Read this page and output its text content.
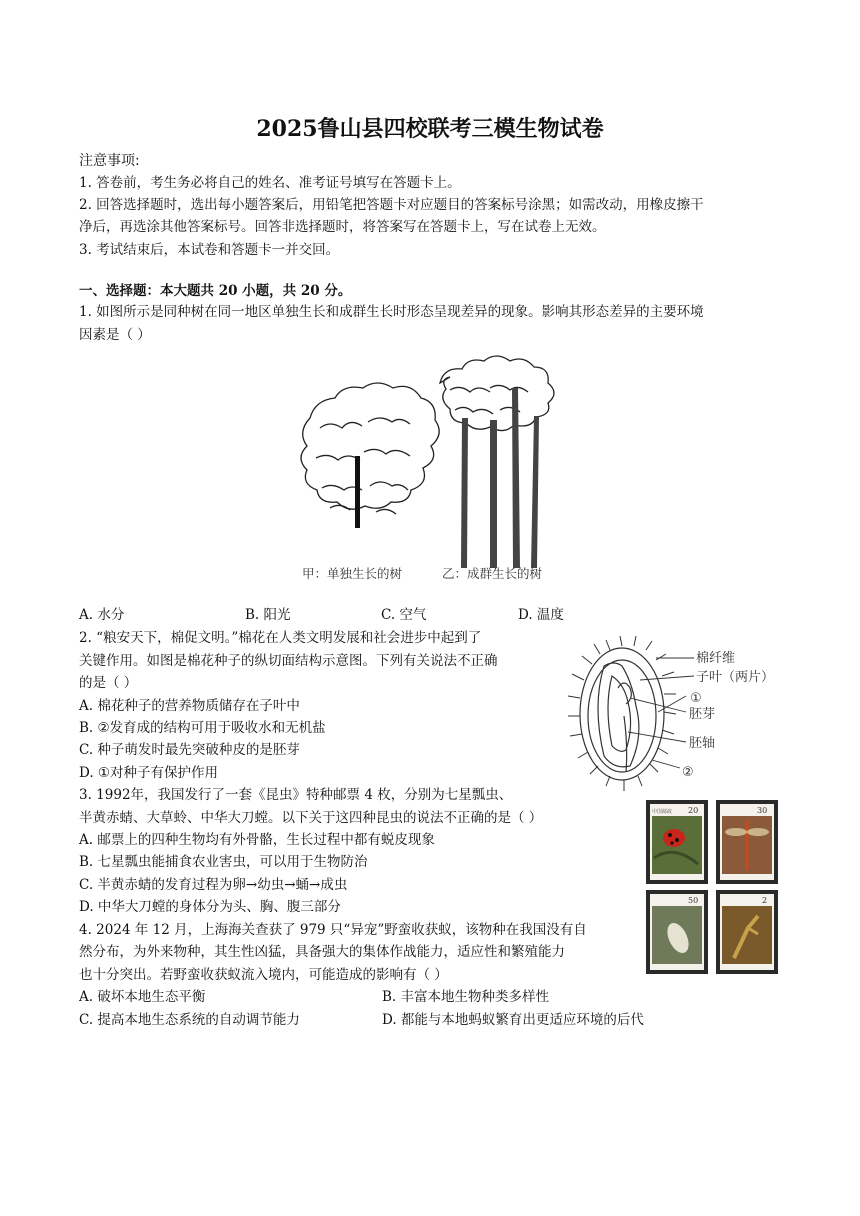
2025鲁山县四校联考三模生物试卷
注意事项:
1. 答卷前，考生务必将自己的姓名、准考证号填写在答题卡上。
2. 回答选择题时，选出每小题答案后，用铅笔把答题卡对应题目的答案标号涂黑；如需改动，用橡皮擦干
净后，再选涂其他答案标号。回答非选择题时，将答案写在答题卡上，写在试卷上无效。
3. 考试结束后，本试卷和答题卡一并交回。
一、选择题：本大题共 20 小题，共 20 分。
1. 如图所示是同种树在同一地区单独生长和成群生长时形态呈现差异的现象。影响其形态差异的主要环境
因素是（ ）
甲：单独生长的树	乙：成群生长的树
A. 水分	B. 阳光	C. 空气	D. 温度
2. “粮安天下，棉促文明。”棉花在人类文明发展和社会进步中起到了
关键作用。如图是棉花种子的纵切面结构示意图。下列有关说法不正确
的是（ ）
A. 棉花种子的营养物质储存在子叶中
B. ②发育成的结构可用于吸收水和无机盐
C. 种子萌发时最先突破种皮的是胚芽
D. ①对种子有保护作用
棉纤维
子叶（两片）
①
胚芽
胚轴
②
3. 1992年，我国发行了一套《昆虫》特种邮票 4 枚，分别为七星瓢虫、
半黄赤蜻、大草蛉、中华大刀螳。以下关于这四种昆虫的说法不正确的是（ ）
A. 邮票上的四种生物均有外骨骼，生长过程中都有蜕皮现象
B. 七星瓢虫能捕食农业害虫，可以用于生物防治
C. 半黄赤蜻的发育过程为卵→幼虫→蛹→成虫
D. 中华大刀螳的身体分为头、胸、腹三部分
中国邮政 20	30
50	2
4. 2024 年 12 月，上海海关查获了 979 只“异宠”野蛮收获蚁，该物种在我国没有自
然分布，为外来物种，其生性凶猛，具备强大的集体作战能力，适应性和繁殖能力
也十分突出。若野蛮收获蚁流入境内，可能造成的影响有（ ）
A. 破坏本地生态平衡	B. 丰富本地生物种类多样性
C. 提高本地生态系统的自动调节能力	D. 都能与本地蚂蚁繁育出更适应环境的后代
